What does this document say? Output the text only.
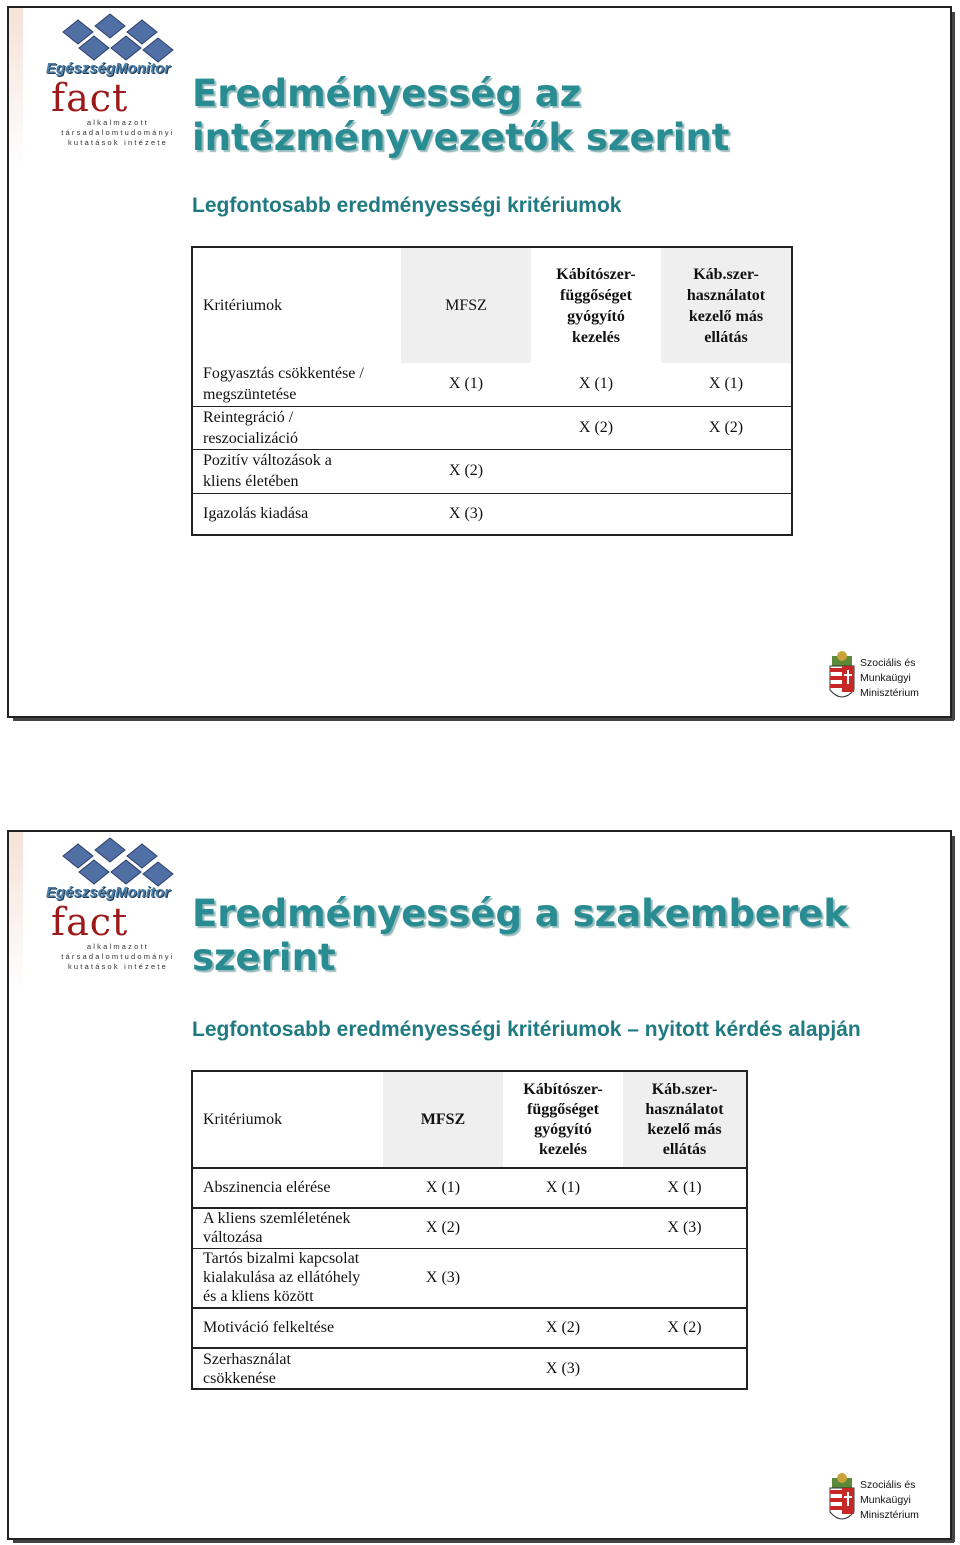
EgészségMonitor
fact
alkalmazott
társadalomtudományi
kutatások intézete
Eredményesség az
intézményvezetők szerint
Legfontosabb eredményességi kritériumok
Kritériumok	MFSZ	Kábítószer-
függőséget
gyógyító
kezelés	Káb.szer-
használatot
kezelő más
ellátás
Fogyasztás csökkentése /
megszüntetése	X (1)	X (1)	X (1)
Reintegráció /
reszocializáció		X (2)	X (2)
Pozitív változások a
kliens életében	X (2)		
Igazolás kiadása	X (3)		
Szociális és
Munkaügyi
Minisztérium
EgészségMonitor
fact
alkalmazott
társadalomtudományi
kutatások intézete
Eredményesség a szakemberek
szerint
Legfontosabb eredményességi kritériumok – nyitott kérdés alapján
Kritériumok	MFSZ	Kábítószer-
függőséget
gyógyító
kezelés	Káb.szer-
használatot
kezelő más
ellátás
Abszinencia elérése	X (1)	X (1)	X (1)
A kliens szemléletének
változása	X (2)		X (3)
Tartós bizalmi kapcsolat
kialakulása az ellátóhely
és a kliens között	X (3)		
Motiváció felkeltése		X (2)	X (2)
Szerhasználat
csökkenése		X (3)	
Szociális és
Munkaügyi
Minisztérium
